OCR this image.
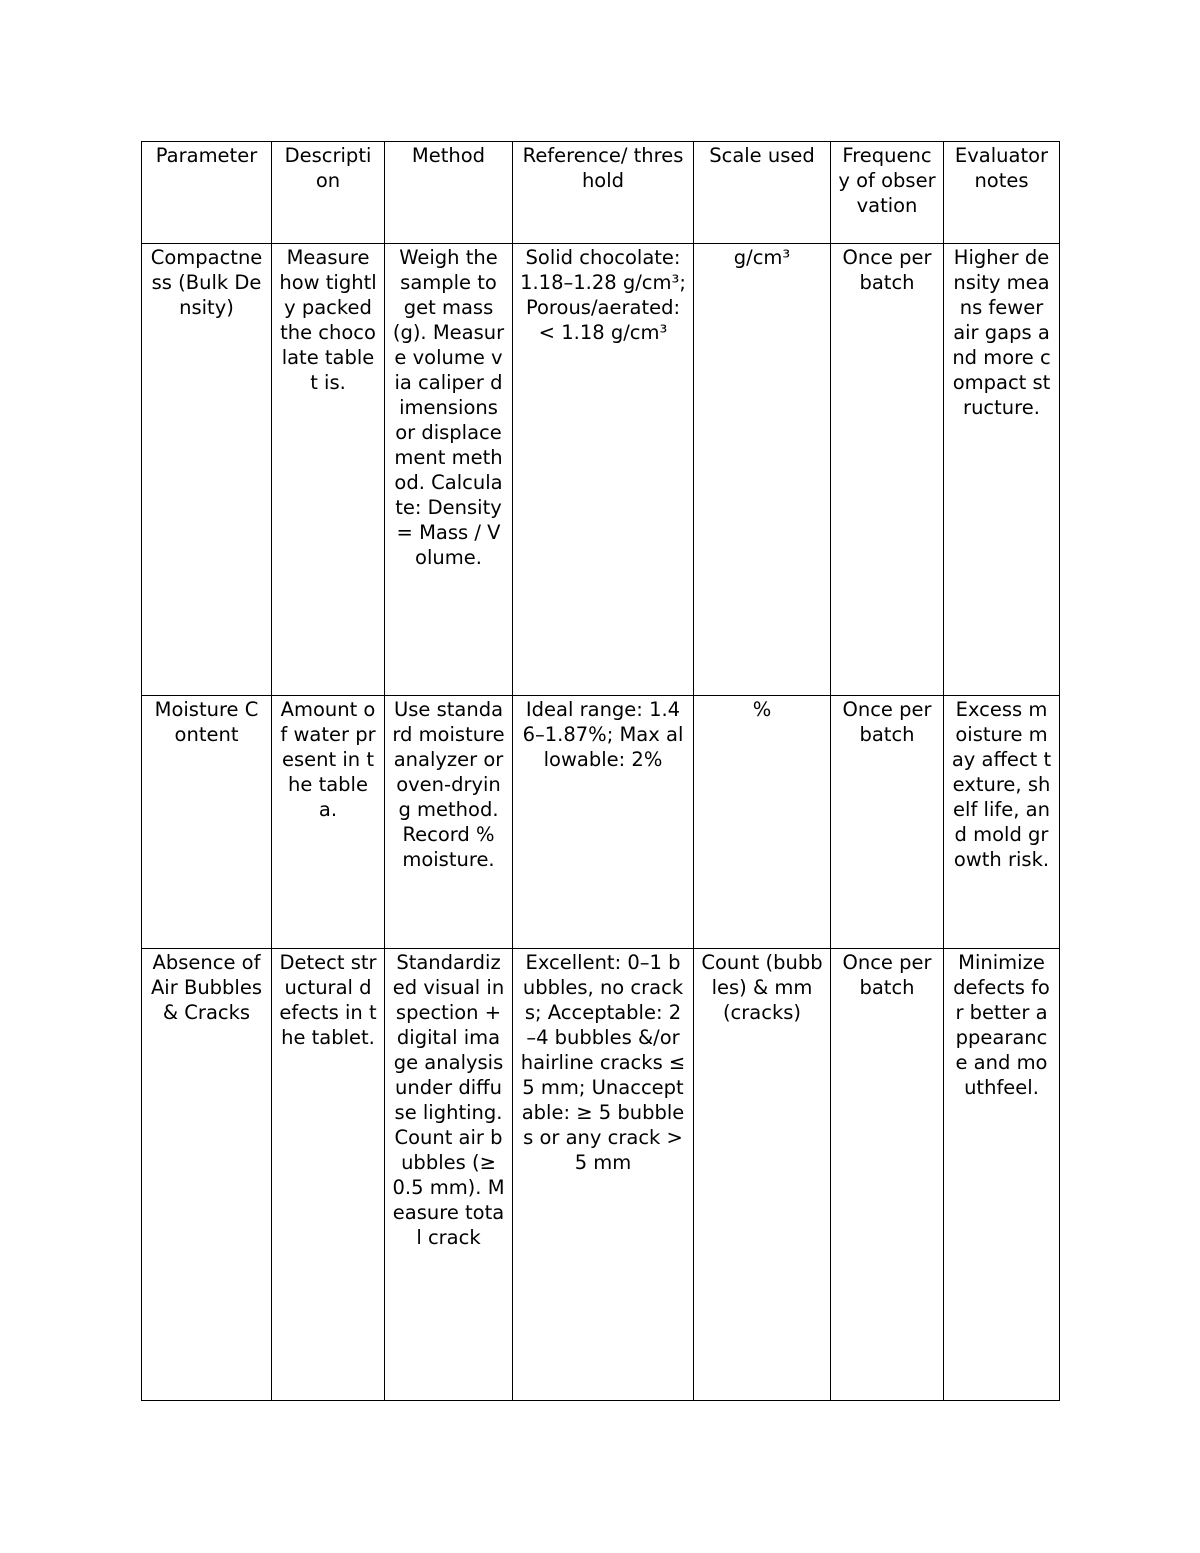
Parameter	Description	Method	Reference/ threshold	Scale used	Frequency of observation	Evaluator notes
Compactness (Bulk Density)	Measure how tightly packed the chocolate tablet is.	Weigh the sample to get mass (g). Measure volume via caliper dimensions or displacement method. Calculate: Density = Mass / Volume.	Solid chocolate: 1.18–1.28 g/cm³; Porous/aerated: < 1.18 g/cm³	g/cm³	Once per batch	Higher density means fewer air gaps and more compact structure.
Moisture Content	Amount of water present in the tablea.	Use standard moisture analyzer or oven-drying method. Record % moisture.	Ideal range: 1.46–1.87%; Max allowable: 2%	%	Once per batch	Excess moisture may affect texture, shelf life, and mold growth risk.
Absence of Air Bubbles & Cracks	Detect structural defects in the tablet.	Standardized visual inspection + digital image analysis under diffuse lighting. Count air bubbles (≥0.5 mm). Measure total crack	Excellent: 0–1 bubbles, no cracks; Acceptable: 2–4 bubbles &/or hairline cracks ≤ 5 mm; Unacceptable: ≥ 5 bubbles or any crack > 5 mm	Count (bubbles) & mm (cracks)	Once per batch	Minimize defects for better appearance and mouthfeel.
